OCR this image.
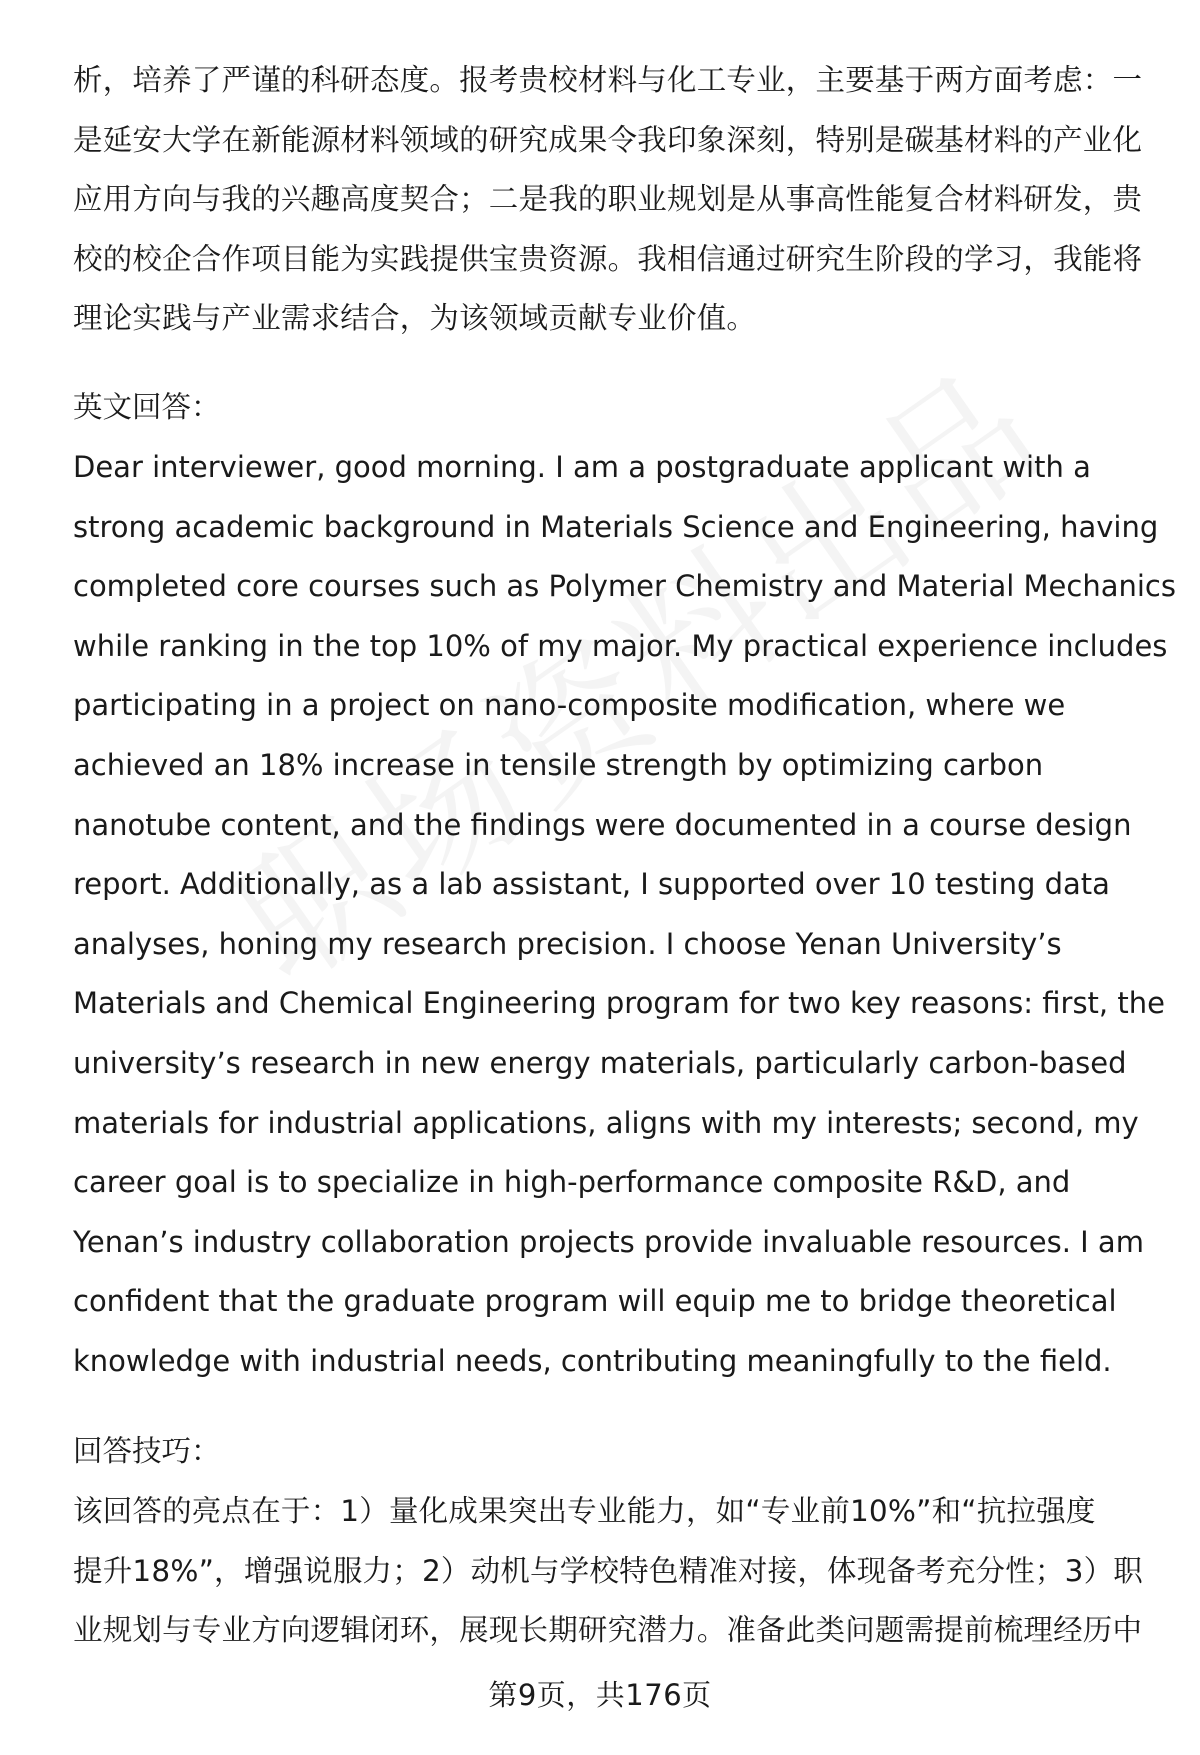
析，培养了严谨的科研态度。报考贵校材料与化工专业，主要基于两方面考虑：一
是延安大学在新能源材料领域的研究成果令我印象深刻，特别是碳基材料的产业化
应用方向与我的兴趣高度契合；二是我的职业规划是从事高性能复合材料研发，贵
校的校企合作项目能为实践提供宝贵资源。我相信通过研究生阶段的学习，我能将
理论实践与产业需求结合，为该领域贡献专业价值。
英文回答：
Dear interviewer, good morning. I am a postgraduate applicant with a
strong academic background in Materials Science and Engineering, having
completed core courses such as Polymer Chemistry and Material Mechanics
while ranking in the top 10% of my major. My practical experience includes
participating in a project on nano-composite modification, where we
achieved an 18% increase in tensile strength by optimizing carbon
nanotube content, and the findings were documented in a course design
report. Additionally, as a lab assistant, I supported over 10 testing data
analyses, honing my research precision. I choose Yenan University’s
Materials and Chemical Engineering program for two key reasons: first, the
university’s research in new energy materials, particularly carbon-based
materials for industrial applications, aligns with my interests; second, my
career goal is to specialize in high-performance composite R&D, and
Yenan’s industry collaboration projects provide invaluable resources. I am
confident that the graduate program will equip me to bridge theoretical
knowledge with industrial needs, contributing meaningfully to the field.
回答技巧：
该回答的亮点在于：1）量化成果突出专业能力，如“专业前10%”和“抗拉强度
提升18%”，增强说服力；2）动机与学校特色精准对接，体现备考充分性；3）职
业规划与专业方向逻辑闭环，展现长期研究潜力。准备此类问题需提前梳理经历中
第9页，共176页
